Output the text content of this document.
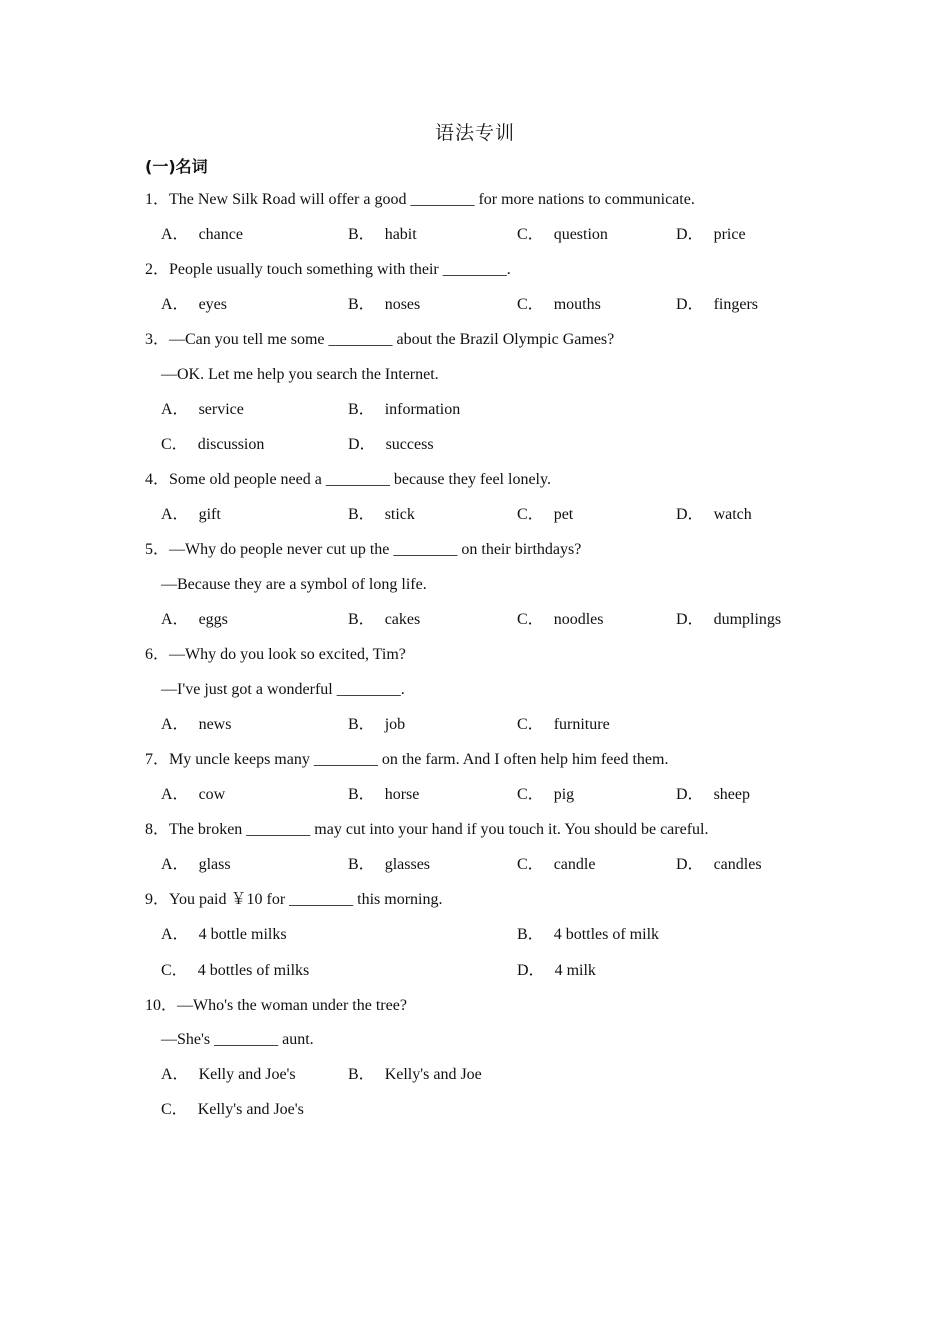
语法专训
(一)名词
1．The New Silk Road will offer a good ________ for more nations to communicate.
A． chance	B． habit	C． question	D． price
2．People usually touch something with their ________.
A． eyes	B． noses	C． mouths	D． fingers
3．—Can you tell me some ________ about the Brazil Olympic Games?
—OK. Let me help you search the Internet.
A． service	B． information
C． discussion	D． success
4．Some old people need a ________ because they feel lonely.
A． gift	B． stick	C． pet	D． watch
5．—Why do people never cut up the ________ on their birthdays?
—Because they are a symbol of long life.
A． eggs	B． cakes	C． noodles	D． dumplings
6．—Why do you look so excited, Tim?
—I've just got a wonderful ________.
A． news	B． job	C． furniture
7．My uncle keeps many ________ on the farm. And I often help him feed them.
A． cow	B． horse	C． pig	D． sheep
8．The broken ________ may cut into your hand if you touch it. You should be careful.
A． glass	B． glasses	C． candle	D． candles
9．You paid ￥10 for ________ this morning.
A． 4 bottle milks	B． 4 bottles of milk
C． 4 bottles of milks	D． 4 milk
10．—Who's the woman under the tree?
—She's ________ aunt.
A． Kelly and Joe's	B． Kelly's and Joe
C． Kelly's and Joe's
